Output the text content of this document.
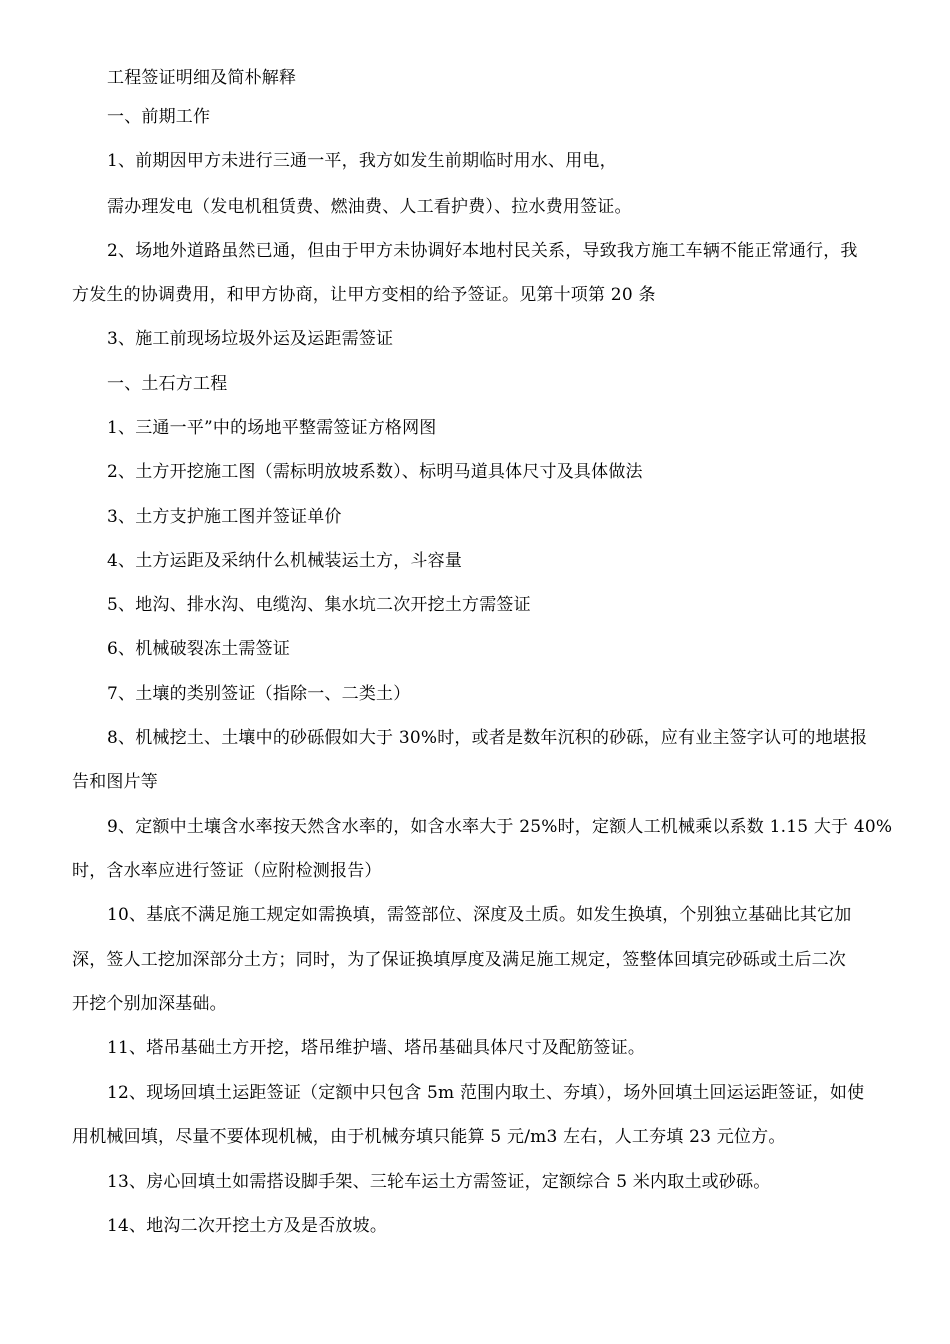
工程签证明细及简朴解释
一、前期工作
1、前期因甲方未进行三通一平，我方如发生前期临时用水、用电，
需办理发电（发电机租赁费、燃油费、人工看护费）、拉水费用签证。
2、场地外道路虽然已通，但由于甲方未协调好本地村民关系，导致我方施工车辆不能正常通行，我
方发生的协调费用，和甲方协商，让甲方变相的给予签证。见第十项第 20 条
3、施工前现场垃圾外运及运距需签证
一、土石方工程
1、三通一平”中的场地平整需签证方格网图
2、土方开挖施工图（需标明放坡系数）、标明马道具体尺寸及具体做法
3、土方支护施工图并签证单价
4、土方运距及采纳什么机械装运土方，斗容量
5、地沟、排水沟、电缆沟、集水坑二次开挖土方需签证
6、机械破裂冻土需签证
7、土壤的类别签证（指除一、二类土）
8、机械挖土、土壤中的砂砾假如大于 30%时，或者是数年沉积的砂砾，应有业主签字认可的地堪报
告和图片等
9、定额中土壤含水率按天然含水率的，如含水率大于 25%时，定额人工机械乘以系数 1.15 大于 40%
时，含水率应进行签证（应附检测报告）
10、基底不满足施工规定如需换填，需签部位、深度及土质。如发生换填，个别独立基础比其它加
深，签人工挖加深部分土方；同时，为了保证换填厚度及满足施工规定，签整体回填完砂砾或土后二次
开挖个别加深基础。
11、塔吊基础土方开挖，塔吊维护墙、塔吊基础具体尺寸及配筋签证。
12、现场回填土运距签证（定额中只包含 5m 范围内取土、夯填），场外回填土回运运距签证，如使
用机械回填，尽量不要体现机械，由于机械夯填只能算 5 元/m3 左右，人工夯填 23 元位方。
13、房心回填土如需搭设脚手架、三轮车运土方需签证，定额综合 5 米内取土或砂砾。
14、地沟二次开挖土方及是否放坡。
